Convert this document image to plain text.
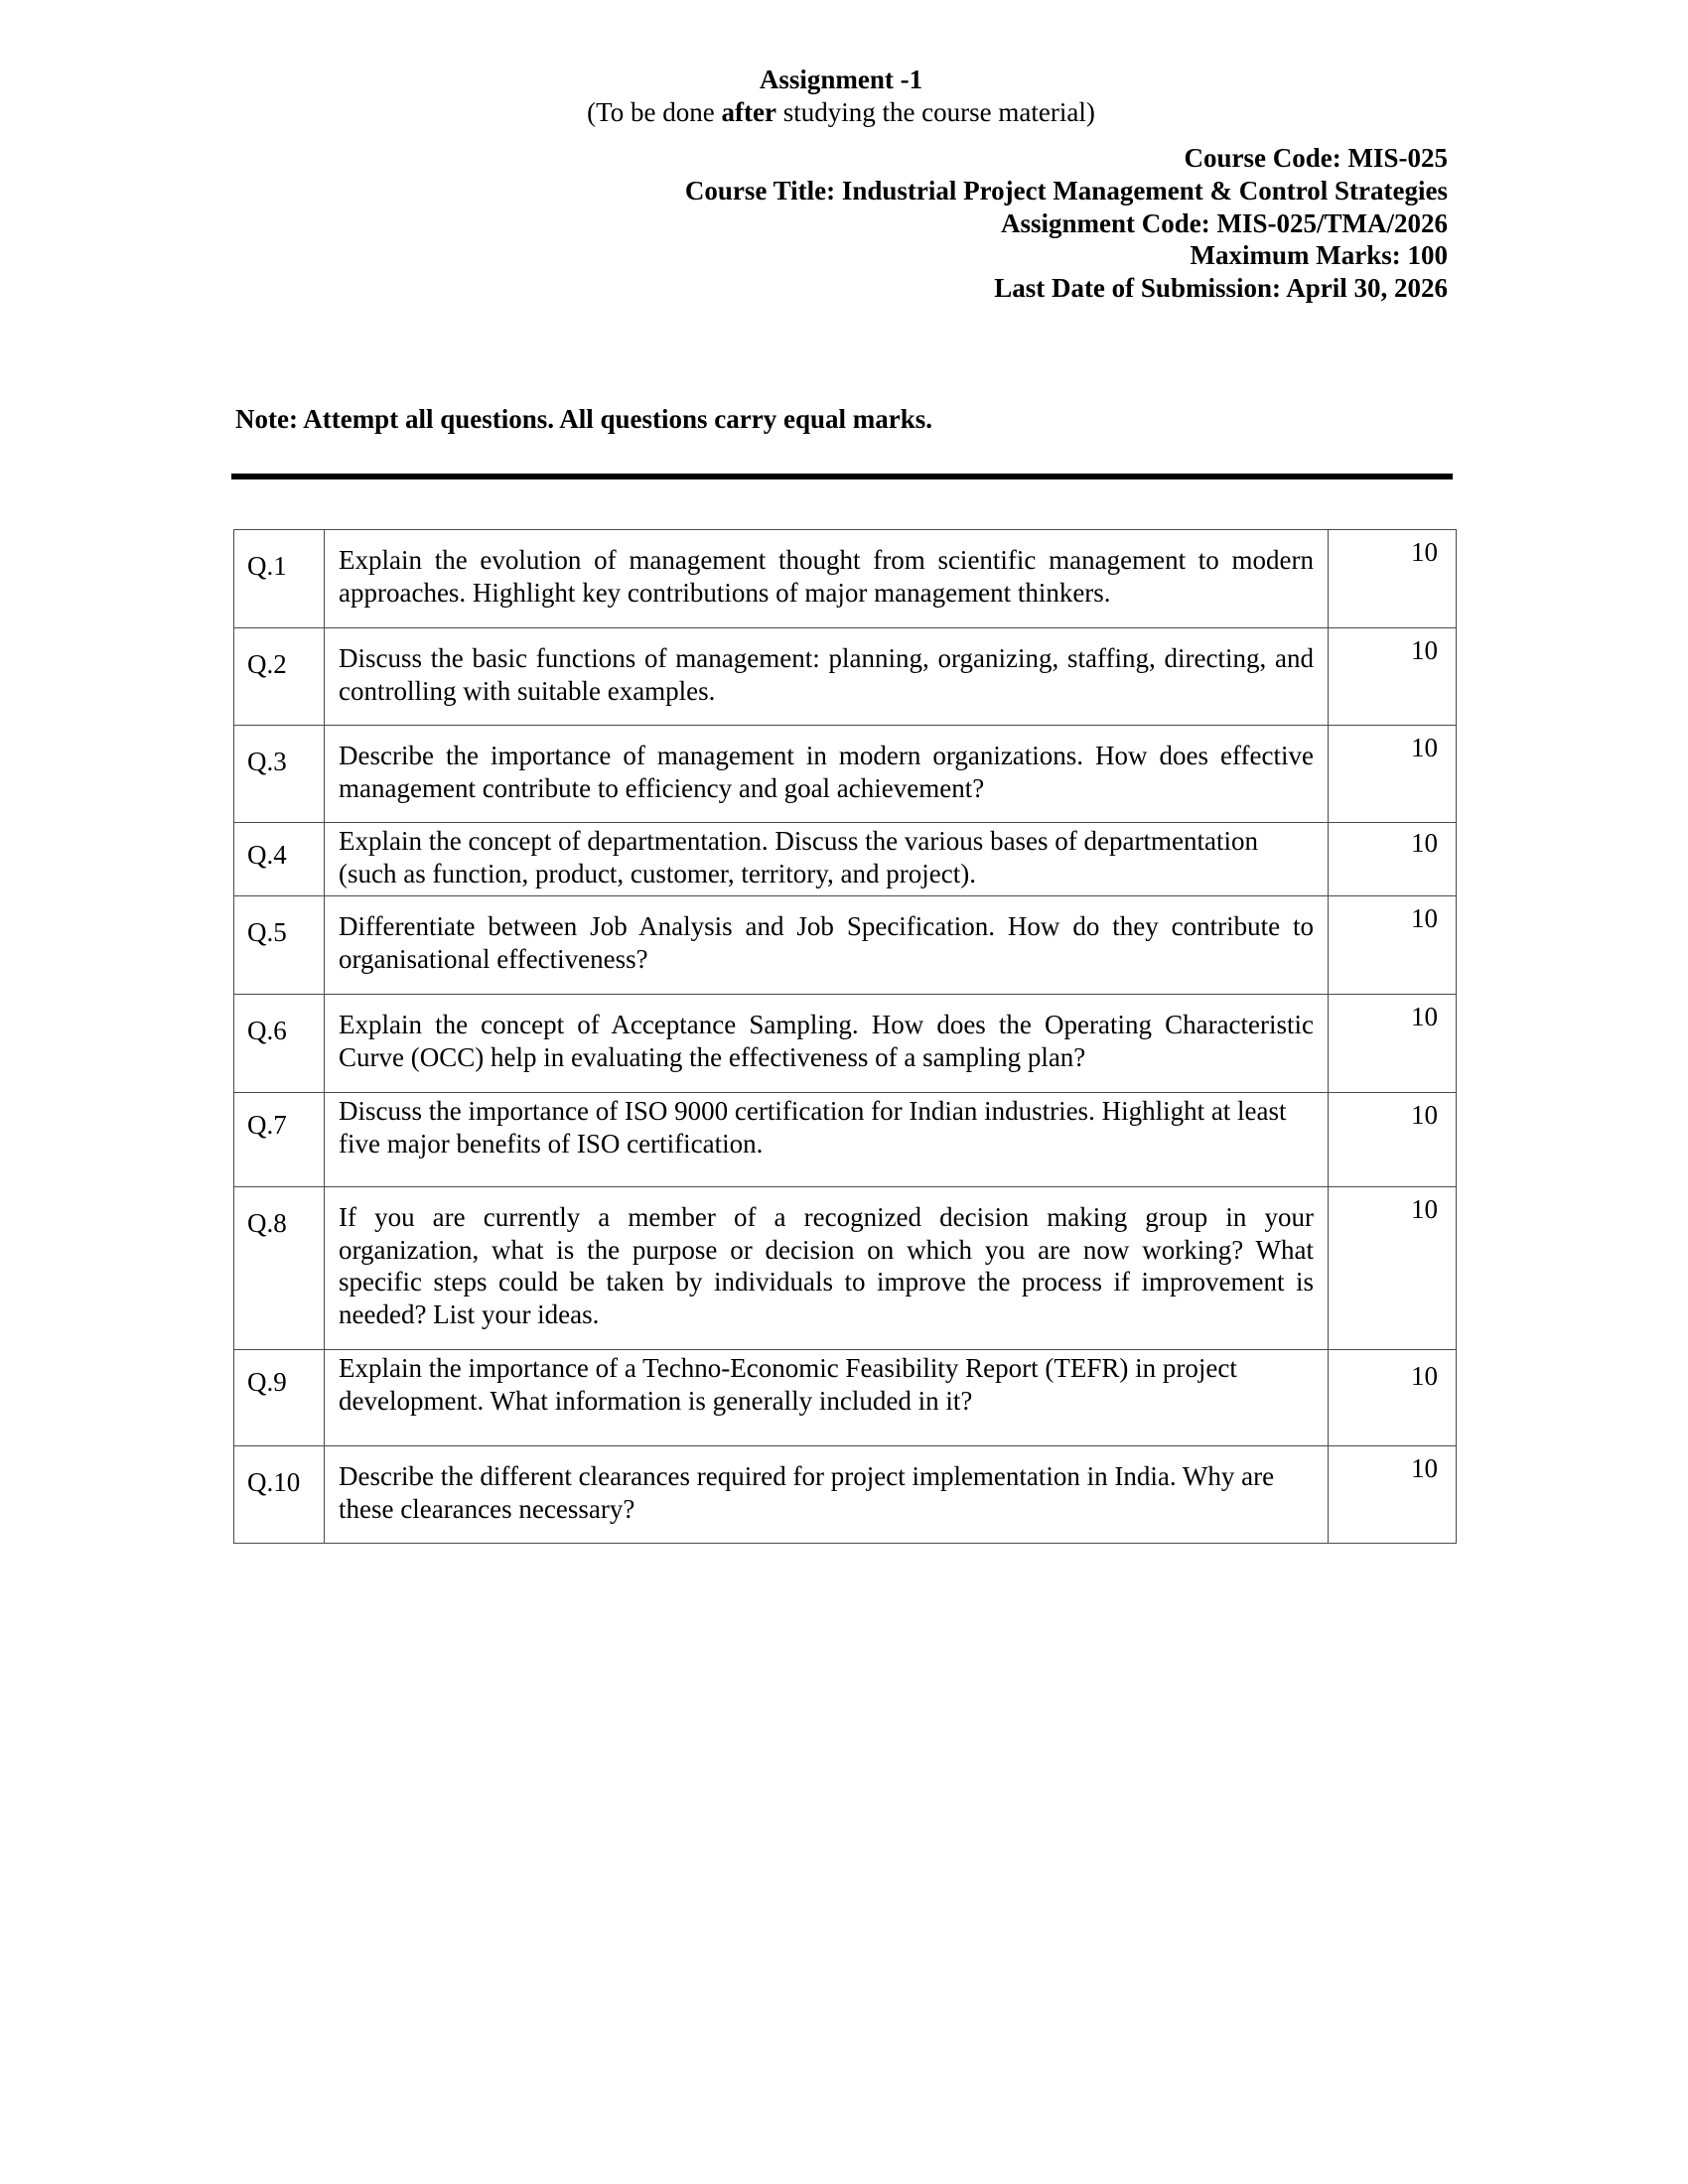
Assignment -1
(To be done after studying the course material)
Course Code: MIS-025
Course Title: Industrial Project Management & Control Strategies
Assignment Code: MIS-025/TMA/2026
Maximum Marks: 100
Last Date of Submission: April 30, 2026
Note: Attempt all questions. All questions carry equal marks.
Q.1	Explain the evolution of management thought from scientific management to modern approaches. Highlight key contributions of major management thinkers.	10
Q.2	Discuss the basic functions of management: planning, organizing, staffing, directing, and controlling with suitable examples.	10
Q.3	Describe the importance of management in modern organizations. How does effective management contribute to efficiency and goal achievement?	10
Q.4	Explain the concept of departmentation. Discuss the various bases of departmentation (such as function, product, customer, territory, and project).	10
Q.5	Differentiate between Job Analysis and Job Specification. How do they contribute to organisational effectiveness?	10
Q.6	Explain the concept of Acceptance Sampling. How does the Operating Characteristic Curve (OCC) help in evaluating the effectiveness of a sampling plan?	10
Q.7	Discuss the importance of ISO 9000 certification for Indian industries. Highlight at least five major benefits of ISO certification.	10
Q.8	If you are currently a member of a recognized decision making group in your organization, what is the purpose or decision on which you are now working? What specific steps could be taken by individuals to improve the process if improvement is needed? List your ideas.	10
Q.9	Explain the importance of a Techno-Economic Feasibility Report (TEFR) in project development. What information is generally included in it?	10
Q.10	Describe the different clearances required for project implementation in India. Why are these clearances necessary?	10
